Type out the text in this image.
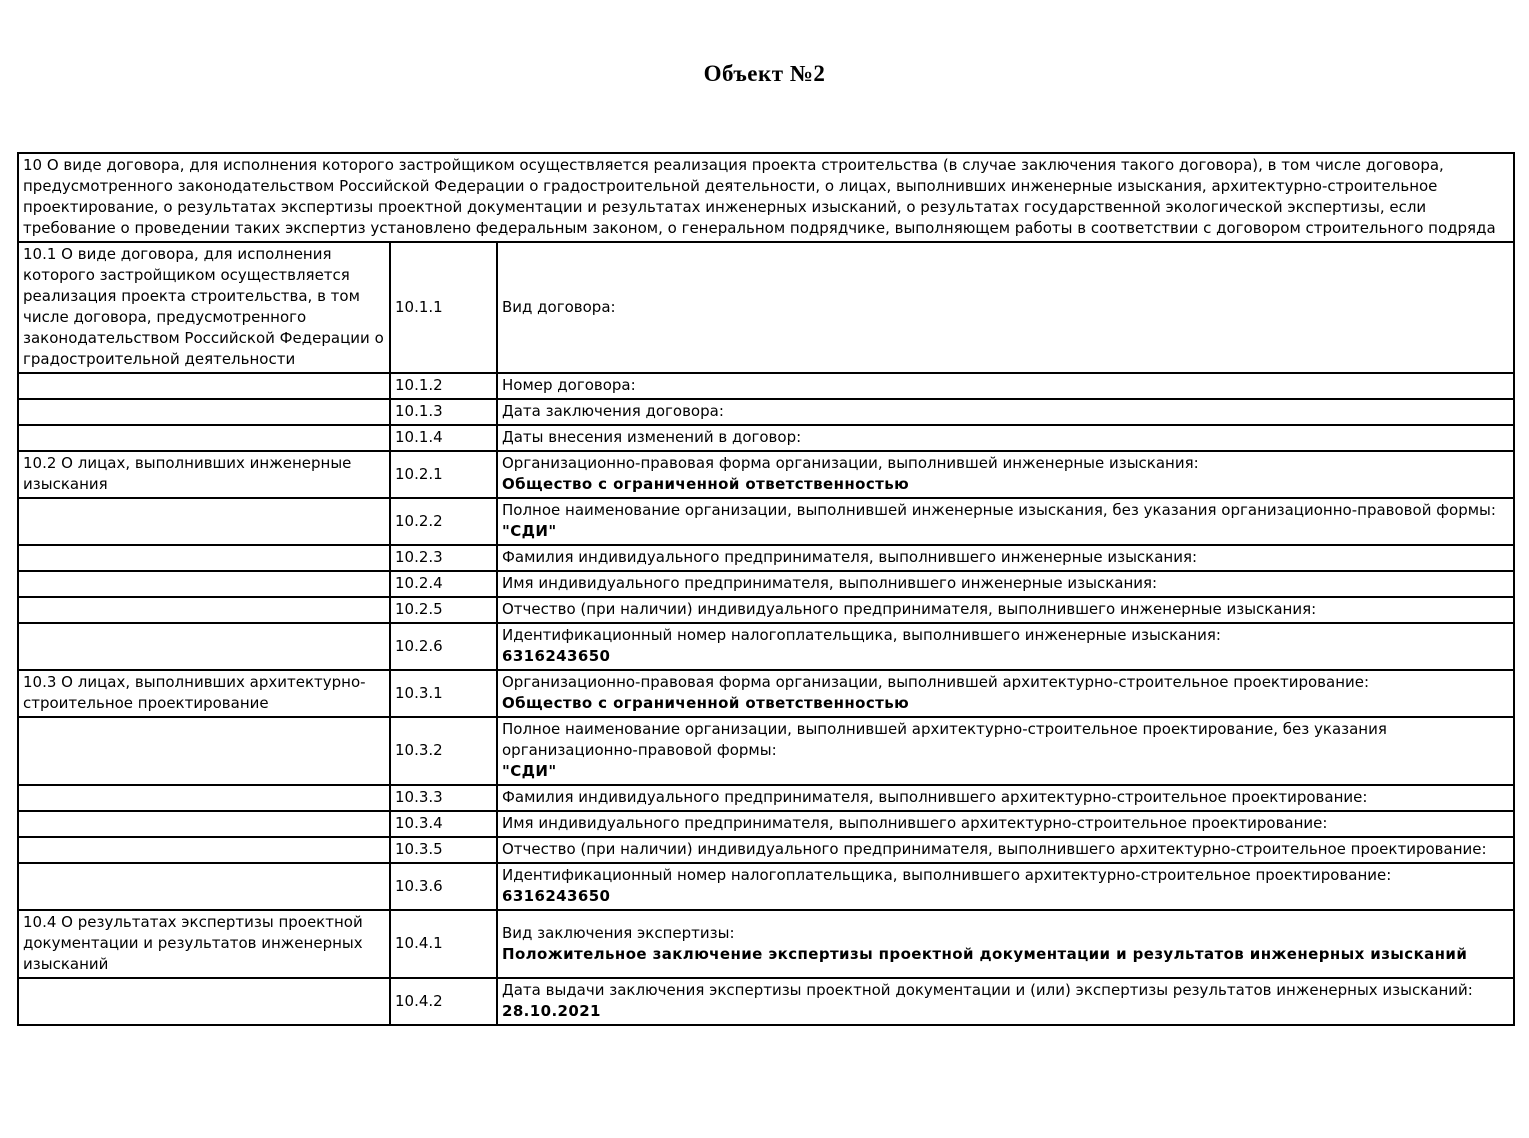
Объект №2
10 О виде договора, для исполнения которого застройщиком осуществляется реализация проекта строительства (в случае заключения такого договора), в том числе договора, предусмотренного законодательством Российской Федерации о градостроительной деятельности, о лицах, выполнивших инженерные изыскания, архитектурно-строительное проектирование, о результатах экспертизы проектной документации и результатах инженерных изысканий, о результатах государственной экологической экспертизы, если требование о проведении таких экспертиз установлено федеральным законом, о генеральном подрядчике, выполняющем работы в соответствии с договором строительного подряда		
10.1 О виде договора, для исполнения которого застройщиком осуществляется реализация проекта строительства, в том числе договора, предусмотренного законодательством Российской Федерации о градостроительной деятельности	10.1.1	Вид договора:

	10.1.2	Номер договора:

	10.1.3	Дата заключения договора:

	10.1.4	Даты внесения изменений в договор:

10.2 О лицах, выполнивших инженерные изыскания	10.2.1	Организационно-правовая форма организации, выполнившей инженерные изыскания:
Общество с ограниченной ответственностью

	10.2.2	Полное наименование организации, выполнившей инженерные изыскания, без указания организационно-правовой формы:
"СДИ"

	10.2.3	Фамилия индивидуального предпринимателя, выполнившего инженерные изыскания:

	10.2.4	Имя индивидуального предпринимателя, выполнившего инженерные изыскания:

	10.2.5	Отчество (при наличии) индивидуального предпринимателя, выполнившего инженерные изыскания:

	10.2.6	Идентификационный номер налогоплательщика, выполнившего инженерные изыскания:
6316243650

10.3 О лицах, выполнивших архитектурно-строительное проектирование	10.3.1	Организационно-правовая форма организации, выполнившей архитектурно-строительное проектирование:
Общество с ограниченной ответственностью

	10.3.2	Полное наименование организации, выполнившей архитектурно-строительное проектирование, без указания организационно-правовой формы:
"СДИ"

	10.3.3	Фамилия индивидуального предпринимателя, выполнившего архитектурно-строительное проектирование:

	10.3.4	Имя индивидуального предпринимателя, выполнившего архитектурно-строительное проектирование:

	10.3.5	Отчество (при наличии) индивидуального предпринимателя, выполнившего архитектурно-строительное проектирование:

	10.3.6	Идентификационный номер налогоплательщика, выполнившего архитектурно-строительное проектирование:
6316243650

10.4 О результатах экспертизы проектной документации и результатов инженерных изысканий	10.4.1	Вид заключения экспертизы:
Положительное заключение экспертизы проектной документации и результатов инженерных изысканий

	10.4.2	Дата выдачи заключения экспертизы проектной документации и (или) экспертизы результатов инженерных изысканий:
28.10.2021
